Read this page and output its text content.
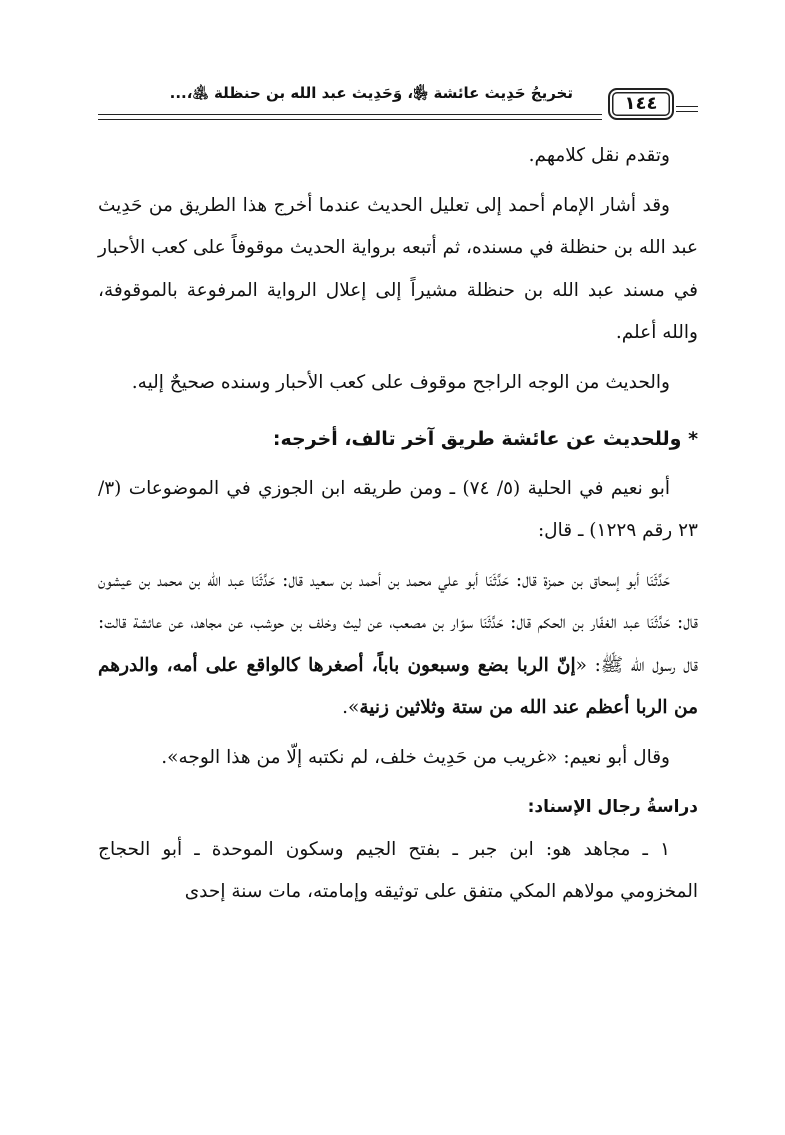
تخريجُ حَدِيث عائشة ﵂، وَحَدِيث عبد الله بن حنظلة ﵁،...	١٤٤

وتقدم نقل كلامهم.

وقد أشار الإمام أحمد إلى تعليل الحديث عندما أخرج هذا الطريق من حَدِيث عبد الله بن حنظلة في مسنده، ثم أتبعه برواية الحديث موقوفاً على كعب الأحبار في مسند عبد الله بن حنظلة مشيراً إلى إعلال الرواية المرفوعة بالموقوفة، والله أعلم.

والحديث من الوجه الراجح موقوف على كعب الأحبار وسنده صحيحٌ إليه.

* وللحديث عن عائشة طريق آخر تالف، أخرجه:

أبو نعيم في الحلية (٥/ ٧٤) ـ ومن طريقه ابن الجوزي في الموضوعات (٣/ ٢٣ رقم ١٢٢٩) ـ قال:

حَدَّثَنَا أبو إسحاق بن حمزة قال: حَدَّثَنَا أبو علي محمد بن أحمد بن سعيد قال: حَدَّثَنَا عبد الله بن محمد بن عيشون قال: حَدَّثَنَا عبد الغفّار بن الحكم قال: حَدَّثَنَا سوّار بن مصعب، عن ليث وخلف بن حوشب، عن مجاهد، عن عائشة قالت: قال رسول الله ﷺ: «إنّ الربا بضع وسبعون باباً، أصغرها كالواقع على أمه، والدرهم من الربا أعظم عند الله من ستة وثلاثين زنية».

وقال أبو نعيم: «غريب من حَدِيث خلف، لم نكتبه إلّا من هذا الوجه».

دراسةُ رجال الإسناد:

١ ـ مجاهد هو: ابن جبر ـ بفتح الجيم وسكون الموحدة ـ أبو الحجاج المخزومي مولاهم المكي متفق على توثيقه وإمامته، مات سنة إحدى
